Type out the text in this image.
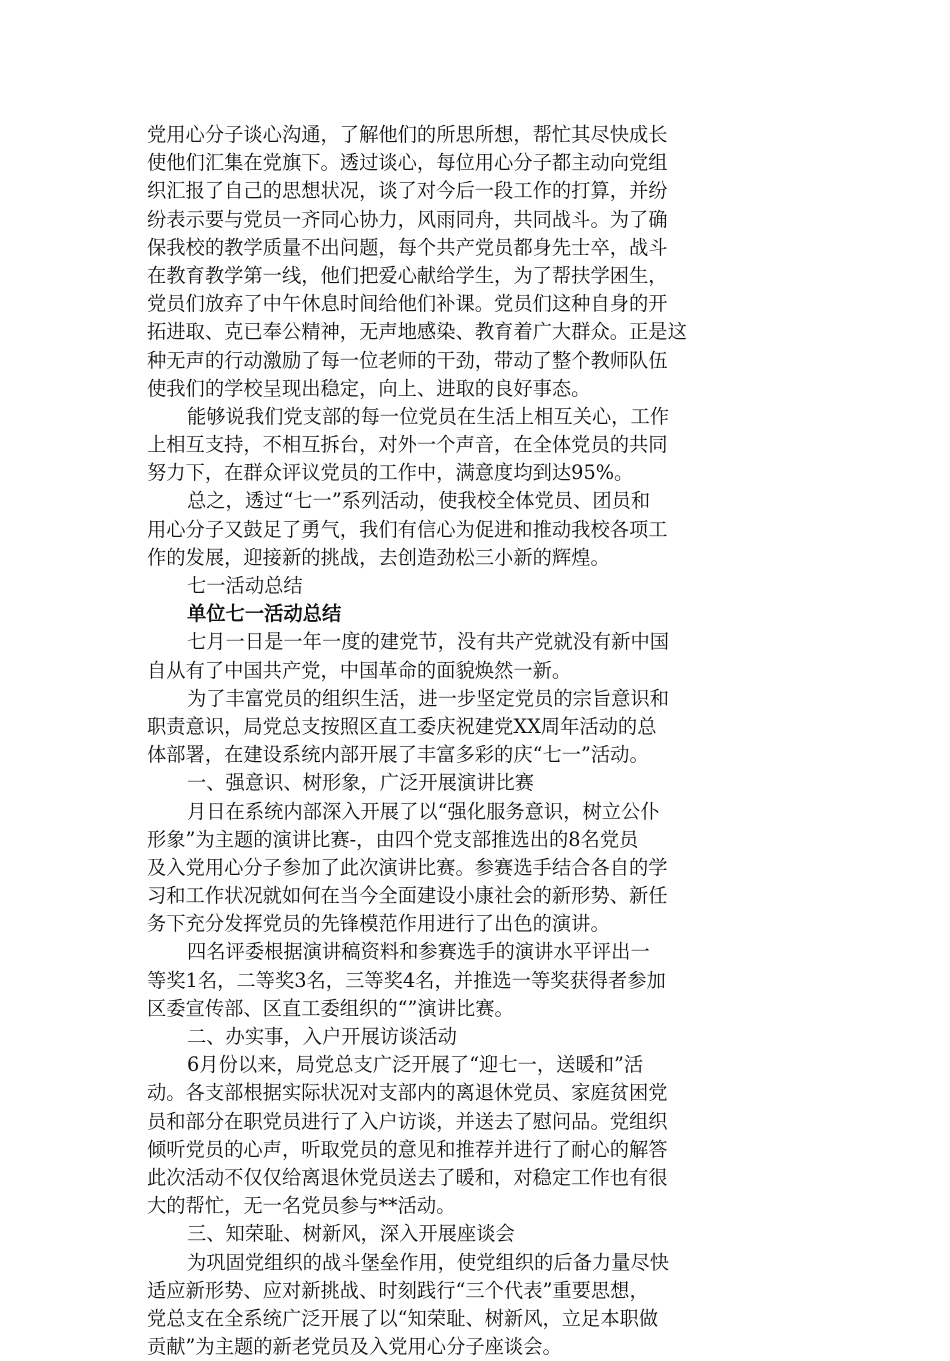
党用心分子谈心沟通，了解他们的所思所想，帮忙其尽快成长
使他们汇集在党旗下。透过谈心，每位用心分子都主动向党组
织汇报了自己的思想状况，谈了对今后一段工作的打算，并纷
纷表示要与党员一齐同心协力，风雨同舟，共同战斗。为了确
保我校的教学质量不出问题，每个共产党员都身先士卒，战斗
在教育教学第一线，他们把爱心献给学生，为了帮扶学困生，
党员们放弃了中午休息时间给他们补课。党员们这种自身的开
拓进取、克已奉公精神，无声地感染、教育着广大群众。正是这
种无声的行动激励了每一位老师的干劲，带动了整个教师队伍
使我们的学校呈现出稳定，向上、进取的良好事态。
能够说我们党支部的每一位党员在生活上相互关心，工作
上相互支持，不相互拆台，对外一个声音，在全体党员的共同
努力下，在群众评议党员的工作中，满意度均到达95%。
总之，透过“七一”系列活动，使我校全体党员、团员和
用心分子又鼓足了勇气，我们有信心为促进和推动我校各项工
作的发展，迎接新的挑战，去创造劲松三小新的辉煌。
七一活动总结
单位七一活动总结
七月一日是一年一度的建党节，没有共产党就没有新中国
自从有了中国共产党，中国革命的面貌焕然一新。
为了丰富党员的组织生活，进一步坚定党员的宗旨意识和
职责意识，局党总支按照区直工委庆祝建党XX周年活动的总
体部署，在建设系统内部开展了丰富多彩的庆“七一”活动。
一、强意识、树形象，广泛开展演讲比赛
月日在系统内部深入开展了以“强化服务意识，树立公仆
形象”为主题的演讲比赛-，由四个党支部推选出的8名党员
及入党用心分子参加了此次演讲比赛。参赛选手结合各自的学
习和工作状况就如何在当今全面建设小康社会的新形势、新任
务下充分发挥党员的先锋模范作用进行了出色的演讲。
四名评委根据演讲稿资料和参赛选手的演讲水平评出一
等奖1名，二等奖3名，三等奖4名，并推选一等奖获得者参加
区委宣传部、区直工委组织的“”演讲比赛。
二、办实事，入户开展访谈活动
6月份以来，局党总支广泛开展了“迎七一，送暖和”活
动。各支部根据实际状况对支部内的离退休党员、家庭贫困党
员和部分在职党员进行了入户访谈，并送去了慰问品。党组织
倾听党员的心声，听取党员的意见和推荐并进行了耐心的解答
此次活动不仅仅给离退休党员送去了暖和，对稳定工作也有很
大的帮忙，无一名党员参与**活动。
三、知荣耻、树新风，深入开展座谈会
为巩固党组织的战斗堡垒作用，使党组织的后备力量尽快
适应新形势、应对新挑战、时刻践行“三个代表”重要思想，
党总支在全系统广泛开展了以“知荣耻、树新风，立足本职做
贡献”为主题的新老党员及入党用心分子座谈会。
